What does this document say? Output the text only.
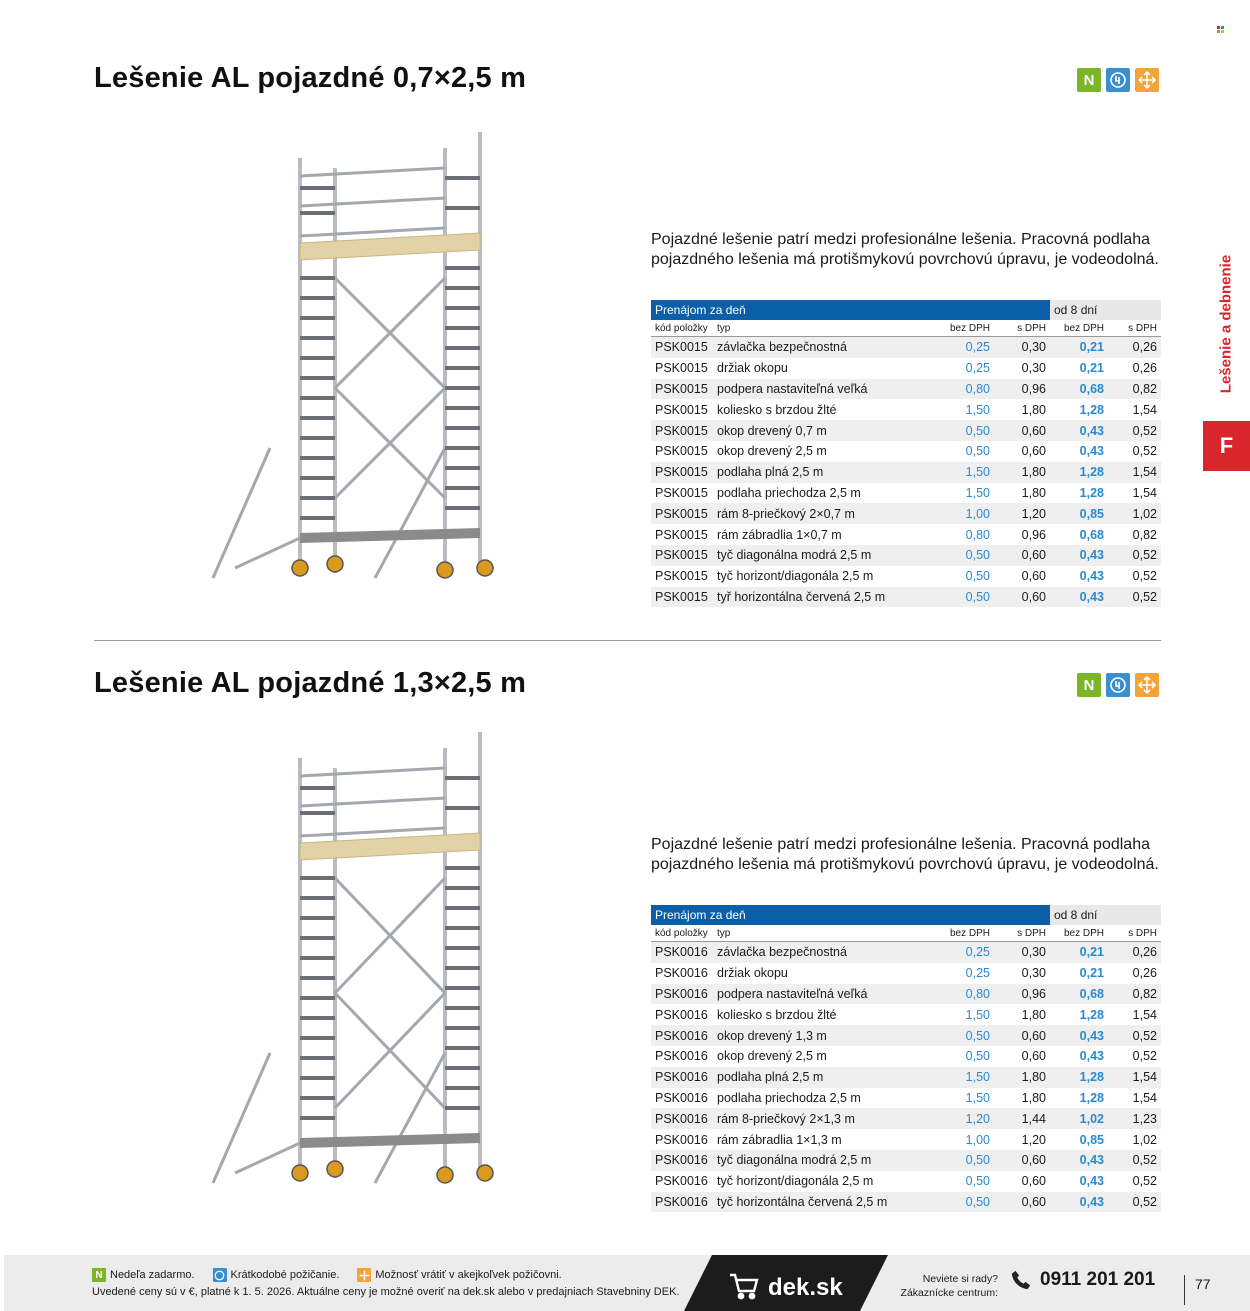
Lešenie a debnenie
F
Lešenie AL pojazdné 0,7×2,5 m	N
Pojazdné lešenie patrí medzi profesionálne lešenia. Pracovná podlaha pojazdného lešenia má protišmykovú povrchovú úpravu, je vodeodolná.
Prenájom za deň				od 8 dní	
kód položky	typ	bez DPH	s DPH	bez DPH	s DPH
PSK0015	závlačka bezpečnostná	0,25	0,30	0,21	0,26
PSK0015	držiak okopu	0,25	0,30	0,21	0,26
PSK0015	podpera nastaviteľná veľká	0,80	0,96	0,68	0,82
PSK0015	koliesko s brzdou žlté	1,50	1,80	1,28	1,54
PSK0015	okop drevený 0,7 m	0,50	0,60	0,43	0,52
PSK0015	okop drevený 2,5 m	0,50	0,60	0,43	0,52
PSK0015	podlaha plná 2,5 m	1,50	1,80	1,28	1,54
PSK0015	podlaha priechodza 2,5 m	1,50	1,80	1,28	1,54
PSK0015	rám 8-priečkový 2×0,7 m	1,00	1,20	0,85	1,02
PSK0015	rám zábradlia 1×0,7 m	0,80	0,96	0,68	0,82
PSK0015	tyč diagonálna modrá 2,5 m	0,50	0,60	0,43	0,52
PSK0015	tyč horizont/diagonála 2,5 m	0,50	0,60	0,43	0,52
PSK0015	tyř horizontálna červená 2,5 m	0,50	0,60	0,43	0,52
Lešenie AL pojazdné 1,3×2,5 m	N
Pojazdné lešenie patrí medzi profesionálne lešenia. Pracovná podlaha pojazdného lešenia má protišmykovú povrchovú úpravu, je vodeodolná.
Prenájom za deň				od 8 dní	
kód položky	typ	bez DPH	s DPH	bez DPH	s DPH
PSK0016	závlačka bezpečnostná	0,25	0,30	0,21	0,26
PSK0016	držiak okopu	0,25	0,30	0,21	0,26
PSK0016	podpera nastaviteľná veľká	0,80	0,96	0,68	0,82
PSK0016	koliesko s brzdou žlté	1,50	1,80	1,28	1,54
PSK0016	okop drevený 1,3 m	0,50	0,60	0,43	0,52
PSK0016	okop drevený 2,5 m	0,50	0,60	0,43	0,52
PSK0016	podlaha plná 2,5 m	1,50	1,80	1,28	1,54
PSK0016	podlaha priechodza 2,5 m	1,50	1,80	1,28	1,54
PSK0016	rám 8-priečkový 2×1,3 m	1,20	1,44	1,02	1,23
PSK0016	rám zábradlia 1×1,3 m	1,00	1,20	0,85	1,02
PSK0016	tyč diagonálna modrá 2,5 m	0,50	0,60	0,43	0,52
PSK0016	tyč horizont/diagonála 2,5 m	0,50	0,60	0,43	0,52
PSK0016	tyč horizontálna červená 2,5 m	0,50	0,60	0,43	0,52
N Nedeľa zadarmo.	Krátkodobé požičanie.	Možnosť vrátiť v akejkoľvek požičovni.
Uvedené ceny sú v €, platné k 1. 5. 2026. Aktuálne ceny je možné overiť na dek.sk alebo v predajniach Stavebniny DEK.	dek.sk	Neviete si rady?
Zákaznícke centrum:
0911 201 201	77
